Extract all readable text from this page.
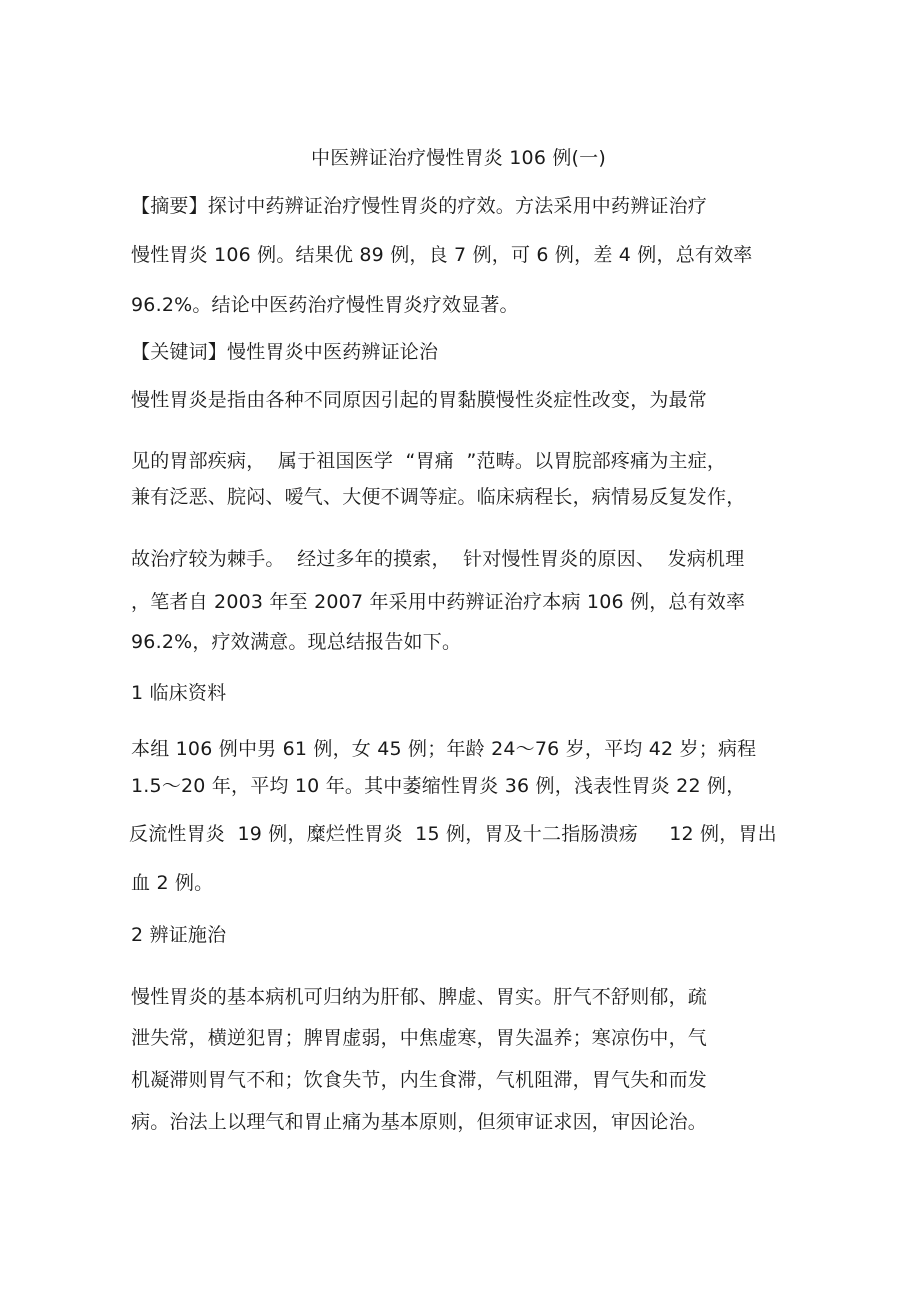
中医辨证治疗慢性胃炎 106 例(一)
【摘要】探讨中药辨证治疗慢性胃炎的疗效。方法采用中药辨证治疗
慢性胃炎 106 例。结果优 89 例，良 7 例，可 6 例，差 4 例，总有效率
96.2%。结论中医药治疗慢性胃炎疗效显著。
【关键词】慢性胃炎中医药辨证论治
慢性胃炎是指由各种不同原因引起的胃黏膜慢性炎症性改变，为最常
见的胃部疾病，  属于祖国医学  “胃痛  ”范畴。以胃脘部疼痛为主症，
兼有泛恶、脘闷、嗳气、大便不调等症。临床病程长，病情易反复发作，
故治疗较为棘手。  经过多年的摸索，  针对慢性胃炎的原因、  发病机理
，笔者自 2003 年至 2007 年采用中药辨证治疗本病 106 例，总有效率
96.2%，疗效满意。现总结报告如下。
1 临床资料
本组 106 例中男 61 例，女 45 例；年龄 24～76 岁，平均 42 岁；病程
1.5～20 年，平均 10 年。其中萎缩性胃炎 36 例，浅表性胃炎 22 例，
反流性胃炎  19 例，糜烂性胃炎  15 例，胃及十二指肠溃疡     12 例，胃出
血 2 例。
2 辨证施治
慢性胃炎的基本病机可归纳为肝郁、脾虚、胃实。肝气不舒则郁，疏
泄失常，横逆犯胃；脾胃虚弱，中焦虚寒，胃失温养；寒凉伤中，气
机凝滞则胃气不和；饮食失节，内生食滞，气机阻滞，胃气失和而发
病。治法上以理气和胃止痛为基本原则，但须审证求因，审因论治。
